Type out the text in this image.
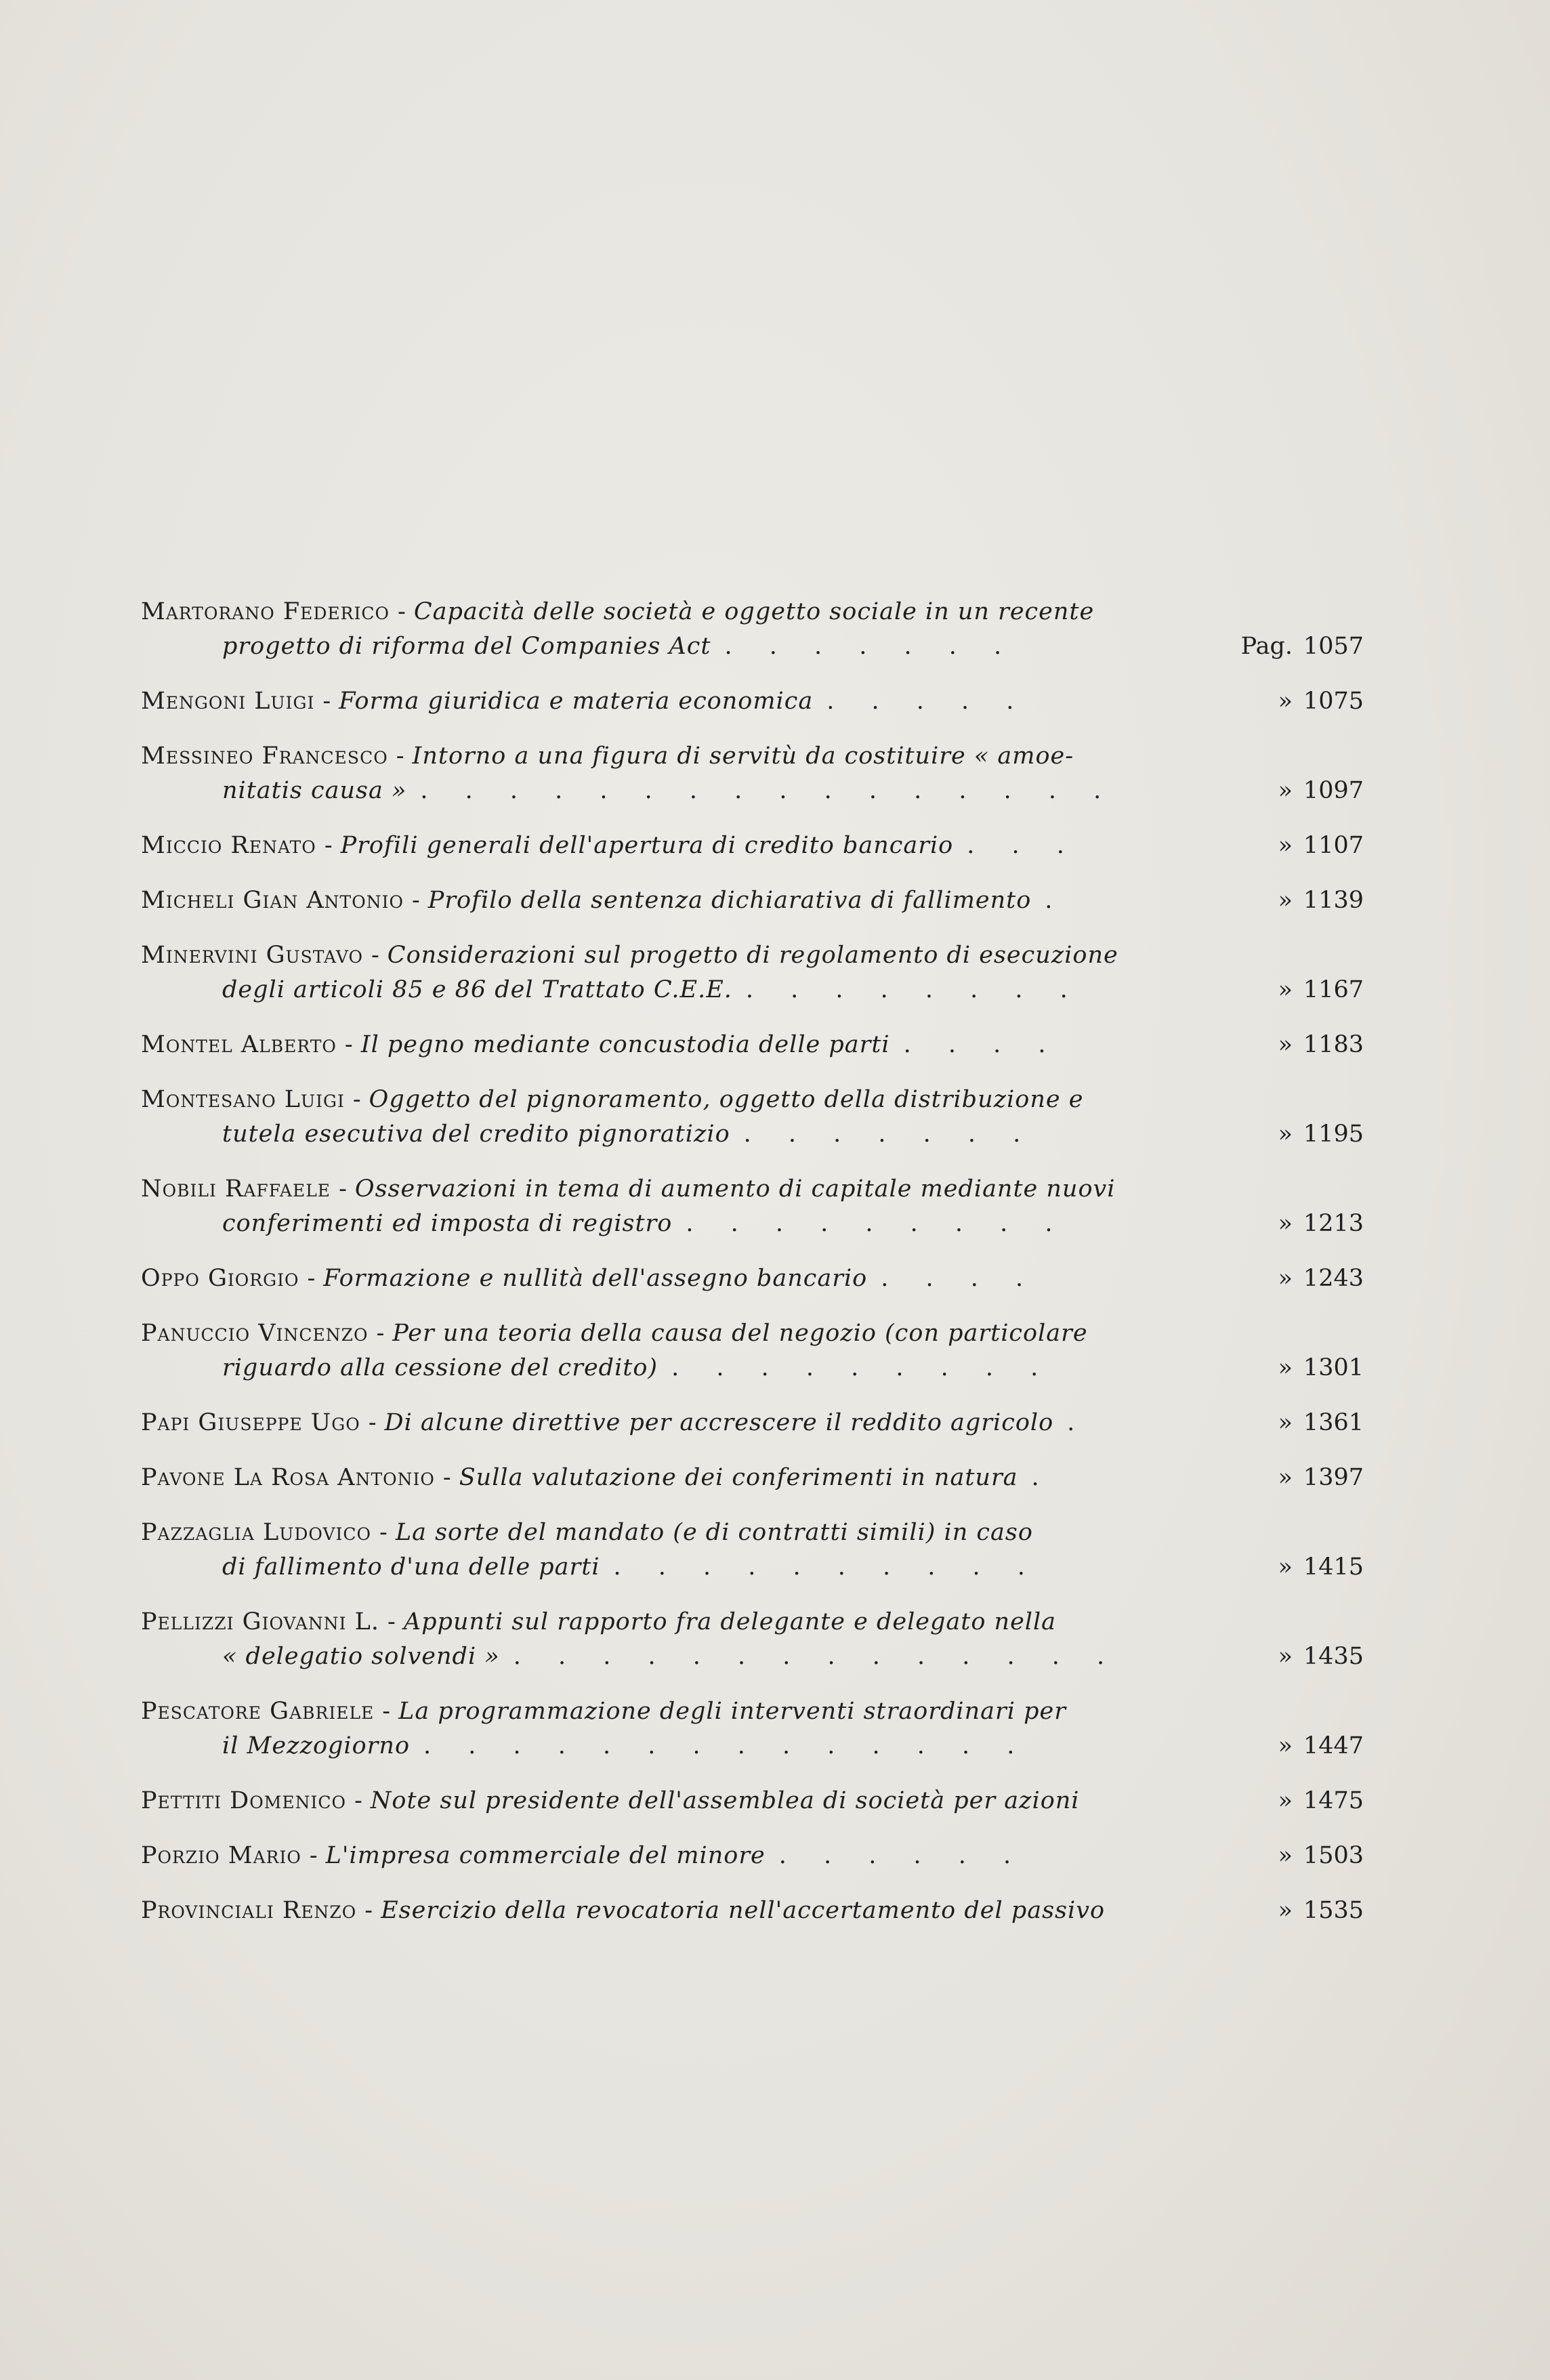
Martorano Federico - Capacità delle società e oggetto sociale in un recente
progetto di riforma del Companies Act . . . . . . .	Pag. 1057
Mengoni Luigi - Forma giuridica e materia economica . . . . .	» 1075
Messineo Francesco - Intorno a una figura di servitù da costituire « amoe-
nitatis causa » . . . . . . . . . . . . . . . .	» 1097
Miccio Renato - Profili generali dell'apertura di credito bancario . . .	» 1107
Micheli Gian Antonio - Profilo della sentenza dichiarativa di fallimento .	» 1139
Minervini Gustavo - Considerazioni sul progetto di regolamento di esecuzione
degli articoli 85 e 86 del Trattato C.E.E. . . . . . . . .	» 1167
Montel Alberto - Il pegno mediante concustodia delle parti . . . .	» 1183
Montesano Luigi - Oggetto del pignoramento, oggetto della distribuzione e
tutela esecutiva del credito pignoratizio . . . . . . .	» 1195
Nobili Raffaele - Osservazioni in tema di aumento di capitale mediante nuovi
conferimenti ed imposta di registro . . . . . . . . .	» 1213
Oppo Giorgio - Formazione e nullità dell'assegno bancario . . . .	» 1243
Panuccio Vincenzo - Per una teoria della causa del negozio (con particolare
riguardo alla cessione del credito) . . . . . . . . .	» 1301
Papi Giuseppe Ugo - Di alcune direttive per accrescere il reddito agricolo .	» 1361
Pavone La Rosa Antonio - Sulla valutazione dei conferimenti in natura .	» 1397
Pazzaglia Ludovico - La sorte del mandato (e di contratti simili) in caso
di fallimento d'una delle parti . . . . . . . . . .	» 1415
Pellizzi Giovanni L. - Appunti sul rapporto fra delegante e delegato nella
« delegatio solvendi » . . . . . . . . . . . . . .	» 1435
Pescatore Gabriele - La programmazione degli interventi straordinari per
il Mezzogiorno . . . . . . . . . . . . . .	» 1447
Pettiti Domenico - Note sul presidente dell'assemblea di società per azioni	» 1475
Porzio Mario - L'impresa commerciale del minore . . . . . .	» 1503
Provinciali Renzo - Esercizio della revocatoria nell'accertamento del passivo	» 1535
